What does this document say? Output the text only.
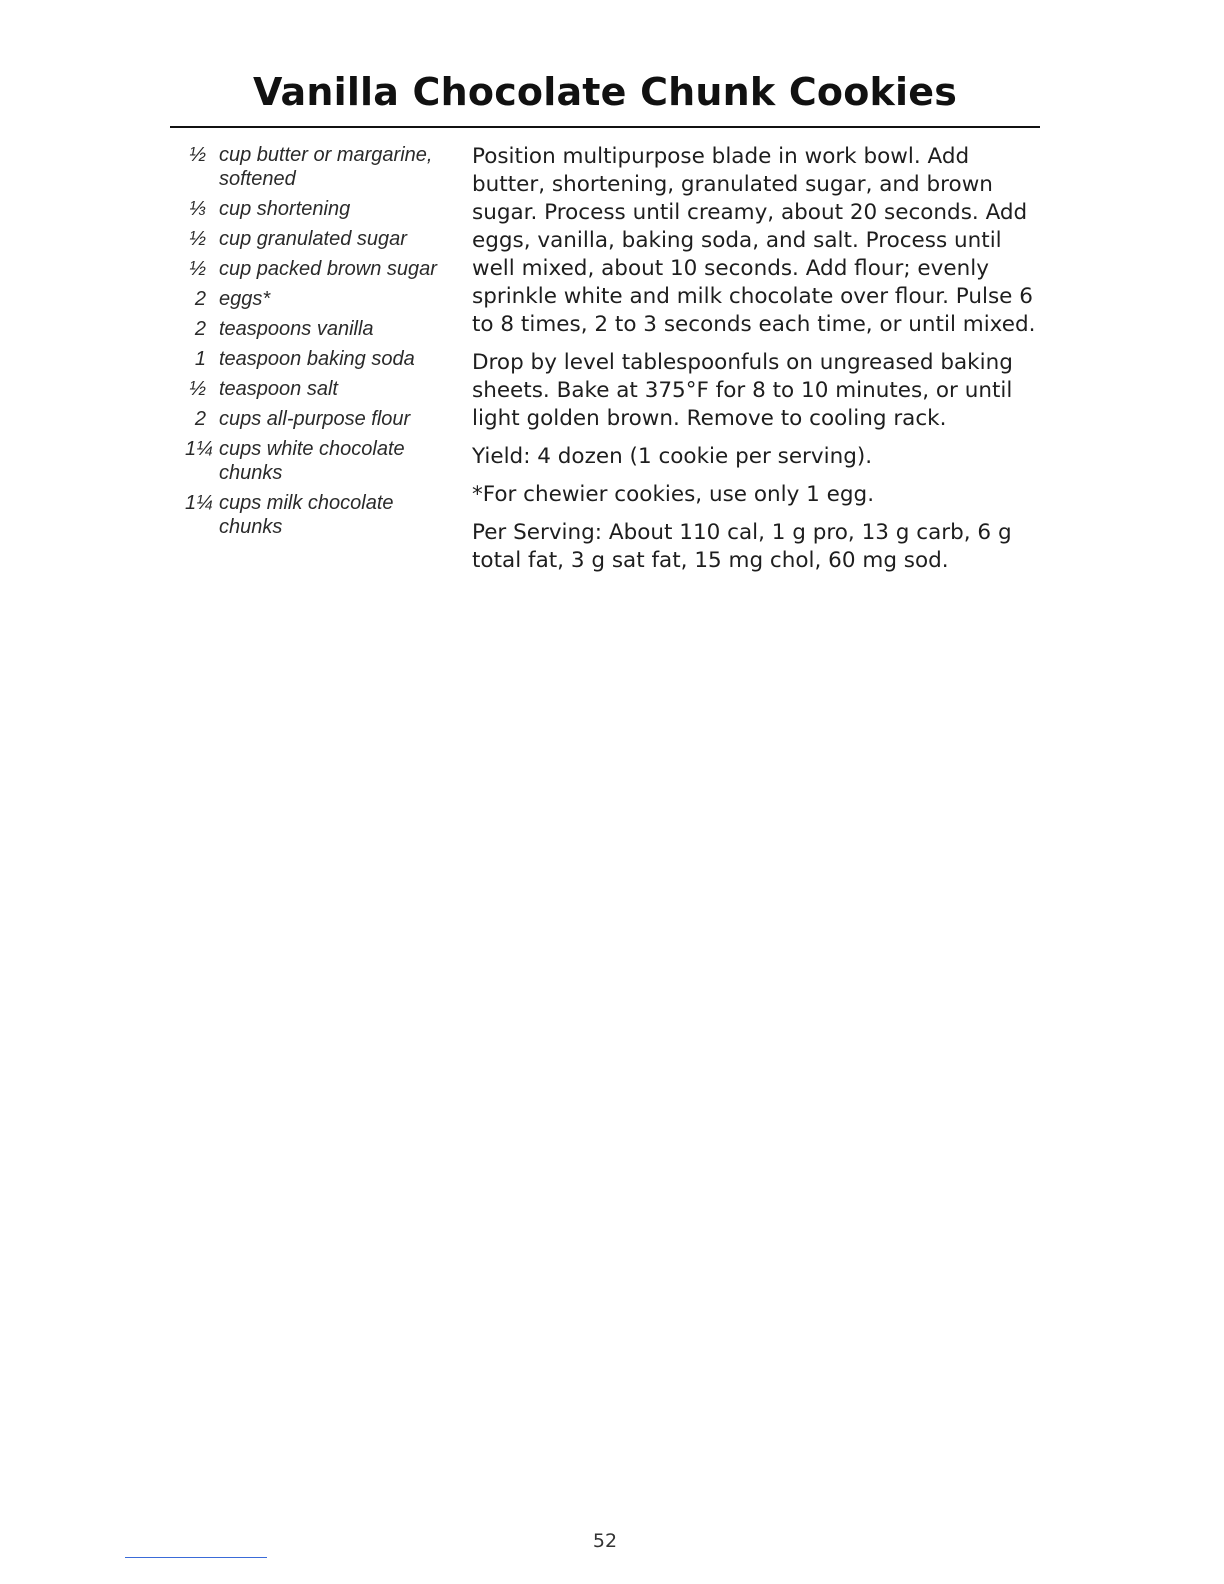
Vanilla Chocolate Chunk Cookies
½ cup butter or margarine, softened
⅓ cup shortening
½ cup granulated sugar
½ cup packed brown sugar
2 eggs*
2 teaspoons vanilla
1 teaspoon baking soda
½ teaspoon salt
2 cups all-purpose flour
1¼ cups white chocolate chunks
1¼ cups milk chocolate chunks

Position multipurpose blade in work bowl. Add butter, shortening, granulated sugar, and brown sugar. Process until creamy, about 20 seconds. Add eggs, vanilla, baking soda, and salt. Process until well mixed, about 10 seconds. Add flour; evenly sprinkle white and milk chocolate over flour. Pulse 6 to 8 times, 2 to 3 seconds each time, or until mixed.

Drop by level tablespoonfuls on ungreased baking sheets. Bake at 375°F for 8 to 10 minutes, or until light golden brown. Remove to cooling rack.

Yield: 4 dozen (1 cookie per serving).

*For chewier cookies, use only 1 egg.

Per Serving: About 110 cal, 1 g pro, 13 g carb, 6 g total fat, 3 g sat fat, 15 mg chol, 60 mg sod.

52
